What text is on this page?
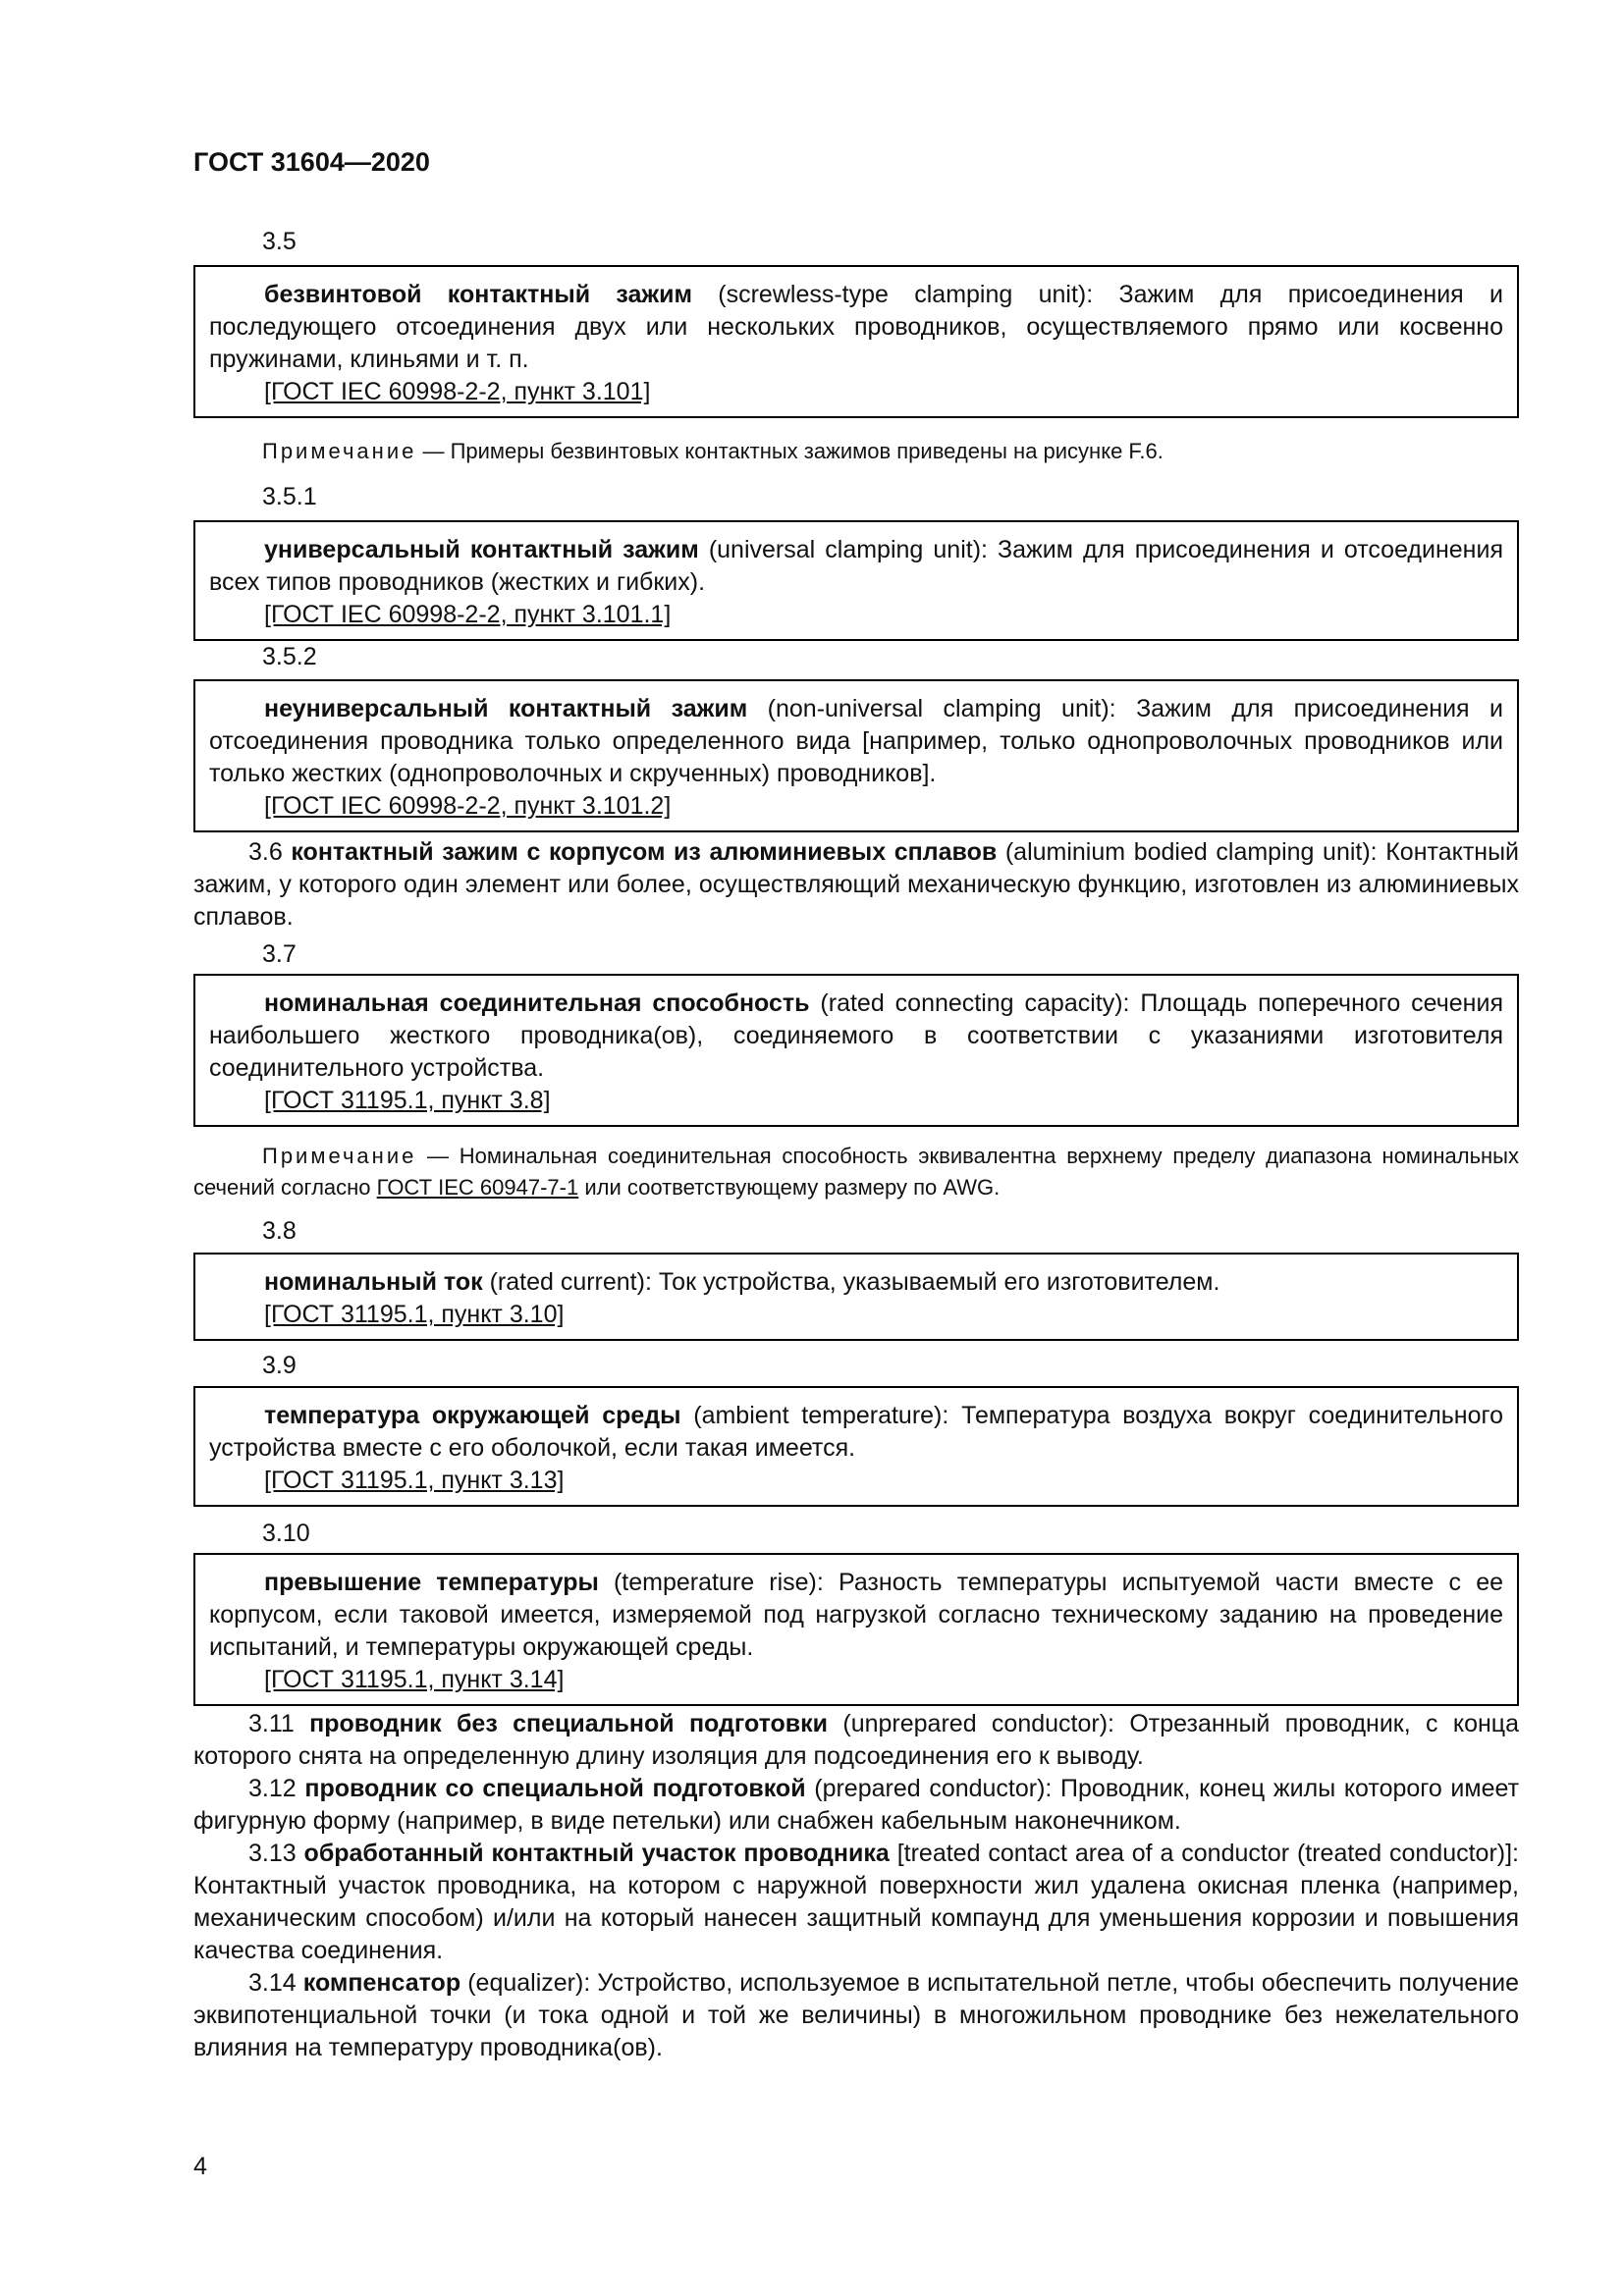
ГОСТ 31604—2020
3.5

безвинтовой контактный зажим (screwless-type clamping unit): Зажим для присоединения и последующего отсоединения двух или нескольких проводников, осуществляемого прямо или косвенно пружинами, клиньями и т. п.

[ГОСТ IEC 60998-2-2, пункт 3.101]
Примечание — Примеры безвинтовых контактных зажимов приведены на рисунке F.6.
3.5.1

универсальный контактный зажим (universal clamping unit): Зажим для присоединения и отсоединения всех типов проводников (жестких и гибких).

[ГОСТ IEC 60998-2-2, пункт 3.101.1]
3.5.2

неуниверсальный контактный зажим (non-universal clamping unit): Зажим для присоединения и отсоединения проводника только определенного вида [например, только однопроволочных проводников или только жестких (однопроволочных и скрученных) проводников].

[ГОСТ IEC 60998-2-2, пункт 3.101.2]

3.6 контактный зажим с корпусом из алюминиевых сплавов (aluminium bodied clamping unit): Контактный зажим, у которого один элемент или более, осуществляющий механическую функцию, изготовлен из алюминиевых сплавов.

3.7

номинальная соединительная способность (rated connecting capacity): Площадь поперечного сечения наибольшего жесткого проводника(ов), соединяемого в соответствии с указаниями изготовителя соединительного устройства.

[ГОСТ 31195.1, пункт 3.8]
Примечание — Номинальная соединительная способность эквивалентна верхнему пределу диапазона номинальных сечений согласно ГОСТ IEC 60947-7-1 или соответствующему размеру по AWG.
3.8

номинальный ток (rated current): Ток устройства, указываемый его изготовителем.

[ГОСТ 31195.1, пункт 3.10]
3.9

температура окружающей среды (ambient temperature): Температура воздуха вокруг соединительного устройства вместе с его оболочкой, если такая имеется.

[ГОСТ 31195.1, пункт 3.13]
3.10

превышение температуры (temperature rise): Разность температуры испытуемой части вместе с ее корпусом, если таковой имеется, измеряемой под нагрузкой согласно техническому заданию на проведение испытаний, и температуры окружающей среды.

[ГОСТ 31195.1, пункт 3.14]

3.11 проводник без специальной подготовки (unprepared conductor): Отрезанный проводник, с конца которого снята на определенную длину изоляция для подсоединения его к выводу.

3.12 проводник со специальной подготовкой (prepared conductor): Проводник, конец жилы которого имеет фигурную форму (например, в виде петельки) или снабжен кабельным наконечником.

3.13 обработанный контактный участок проводника [treated contact area of a conductor (treated conductor)]: Контактный участок проводника, на котором с наружной поверхности жил удалена окисная пленка (например, механическим способом) и/или на который нанесен защитный компаунд для уменьшения коррозии и повышения качества соединения.

3.14 компенсатор (equalizer): Устройство, используемое в испытательной петле, чтобы обеспечить получение эквипотенциальной точки (и тока одной и той же величины) в многожильном проводнике без нежелательного влияния на температуру проводника(ов).

4
